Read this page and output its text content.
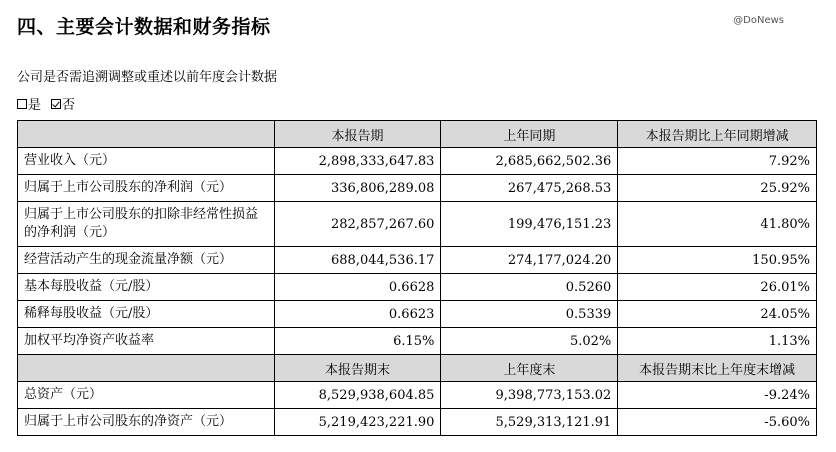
四、主要会计数据和财务指标	@DoNews
公司是否需追溯调整或重述以前年度会计数据
是 否
	本报告期	上年同期	本报告期比上年同期增减
营业收入（元）	2,898,333,647.83	2,685,662,502.36	7.92%
归属于上市公司股东的净利润（元）	336,806,289.08	267,475,268.53	25.92%
归属于上市公司股东的扣除非经常性损益的净利润（元）	282,857,267.60	199,476,151.23	41.80%
经营活动产生的现金流量净额（元）	688,044,536.17	274,177,024.20	150.95%
基本每股收益（元/股）	0.6628	0.5260	26.01%
稀释每股收益（元/股）	0.6623	0.5339	24.05%
加权平均净资产收益率	6.15%	5.02%	1.13%
	本报告期末	上年度末	本报告期末比上年度末增减
总资产（元）	8,529,938,604.85	9,398,773,153.02	-9.24%
归属于上市公司股东的净资产（元）	5,219,423,221.90	5,529,313,121.91	-5.60%
